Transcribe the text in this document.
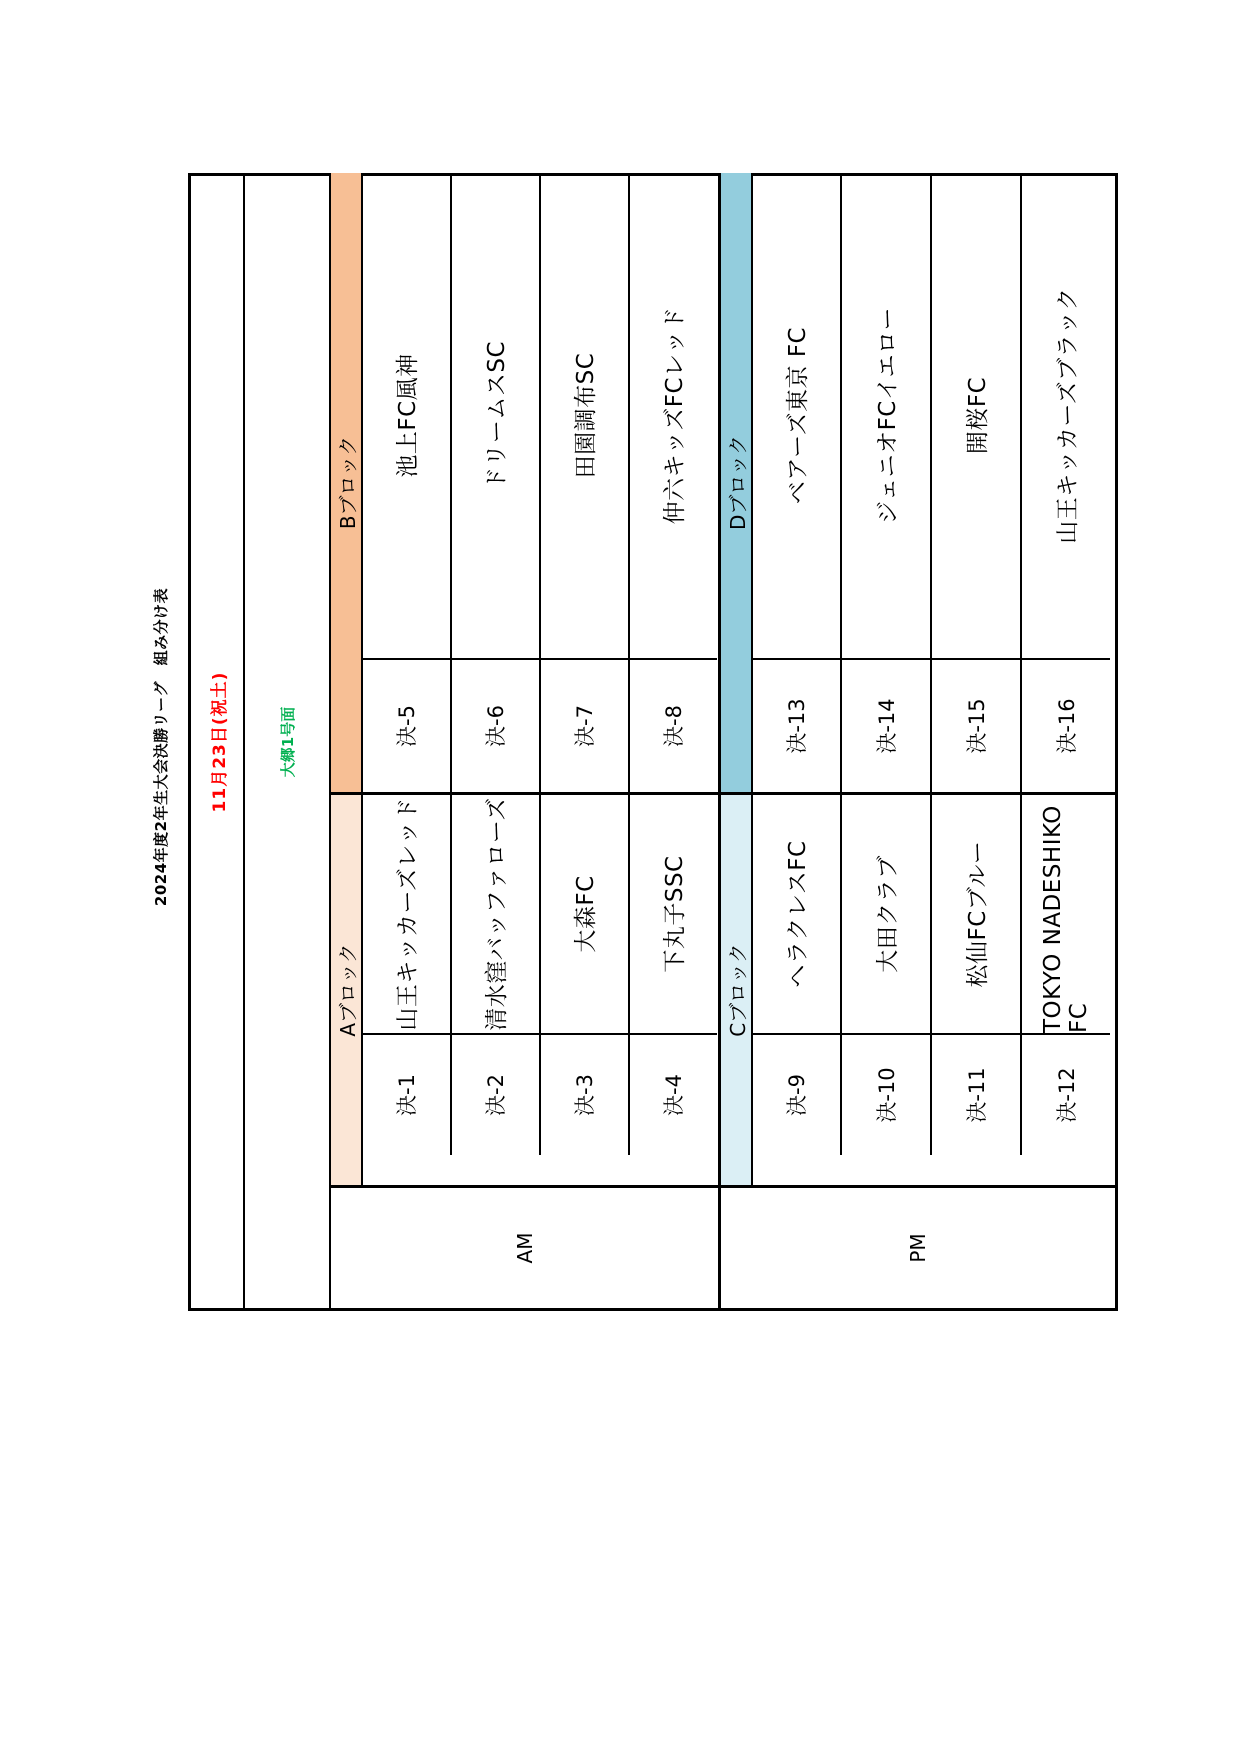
2024年度2年生大会決勝リーグ　組み分け表	11月23日(祝土)	大郷1号面
AM
Aブロック
決-1
山王キッカーズレッド
決-2
清水窪バッファローズ
決-3
大森FC
決-4
下丸子SSC
Bブロック
決-5
池上FC風神
決-6
ドリームスSC
決-7
田園調布SC
決-8
仲六キッズFCレッド
PM
Cブロック
決-9
ヘラクレスFC
決-10
大田クラブ
決-11
松仙FCブルー
決-12
TOKYO NADESHIKO FC
Dブロック
決-13
ベアーズ東京 FC
決-14
ジェニオFCイエロー
決-15
開桜FC
決-16
山王キッカーズブラック
